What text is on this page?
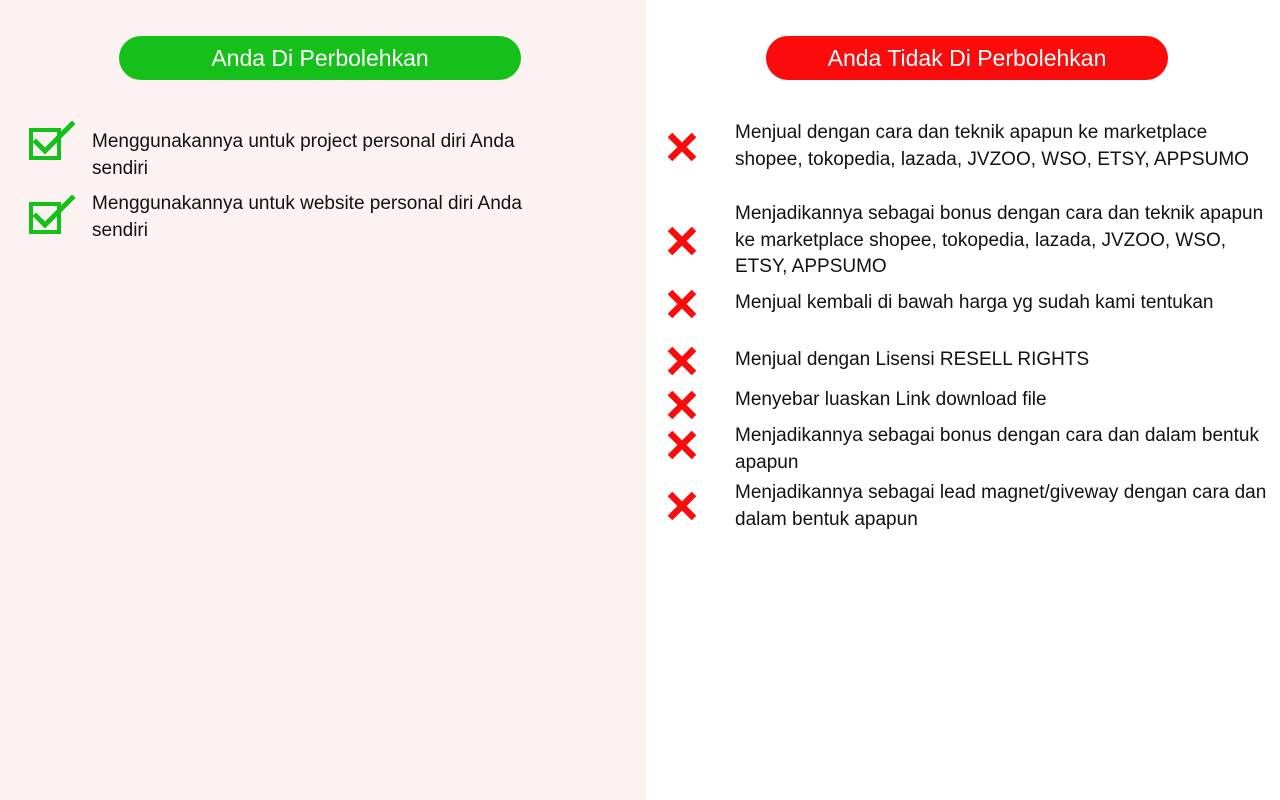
Anda Di Perbolehkan
Menggunakannya untuk project personal diri Anda sendiri
Menggunakannya untuk website personal diri Anda sendiri
Anda Tidak Di Perbolehkan
Menjual dengan cara dan teknik apapun ke marketplace shopee, tokopedia, lazada, JVZOO, WSO, ETSY, APPSUMO
Menjadikannya sebagai bonus dengan cara dan teknik apapun ke marketplace shopee, tokopedia, lazada, JVZOO, WSO, ETSY, APPSUMO
Menjual kembali di bawah harga yg sudah kami tentukan
Menjual dengan Lisensi RESELL RIGHTS
Menyebar luaskan Link download file
Menjadikannya sebagai bonus dengan cara dan dalam bentuk apapun
Menjadikannya sebagai lead magnet/giveway dengan cara dan dalam bentuk apapun
